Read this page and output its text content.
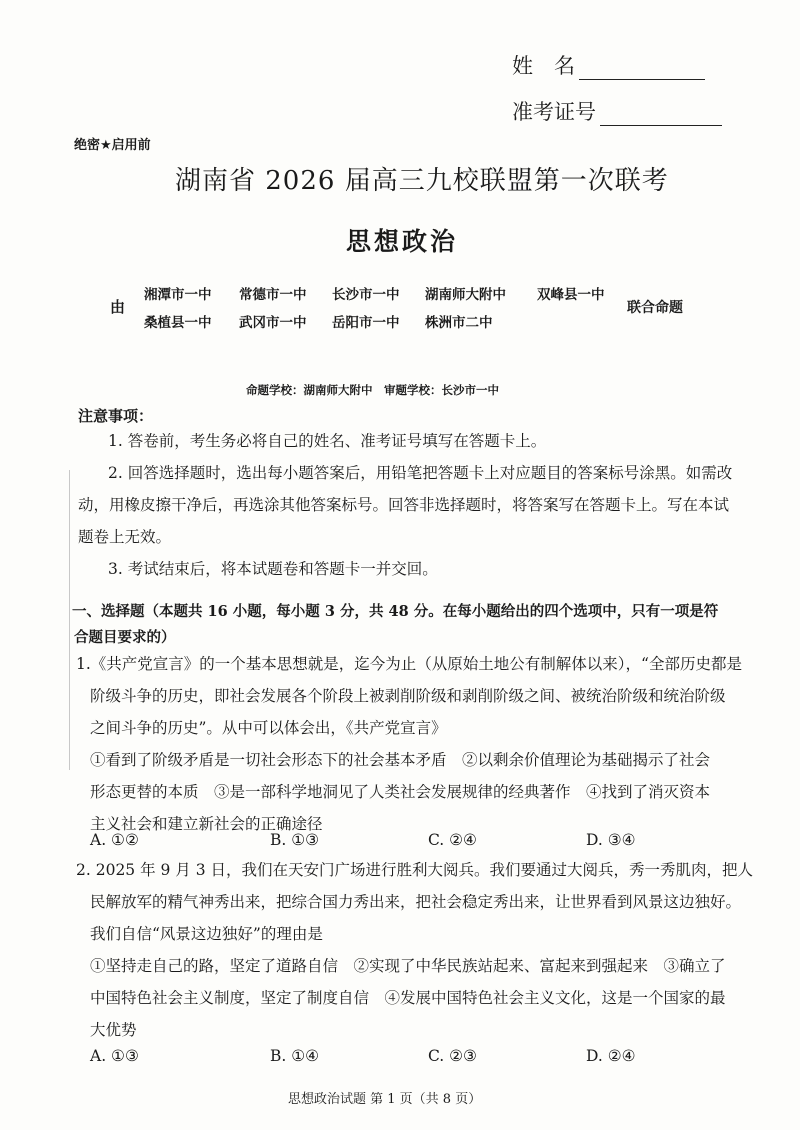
姓　名
准考证号
绝密★启用前
湖南省 2026 届高三九校联盟第一次联考
思想政治
由
湘潭市一中 常德市一中 长沙市一中 湖南师大附中 双峰县一中
桑植县一中 武冈市一中 岳阳市一中 株洲市二中
联合命题
命题学校：湖南师大附中　审题学校：长沙市一中
注意事项：
1. 答卷前，考生务必将自己的姓名、准考证号填写在答题卡上。
2. 回答选择题时，选出每小题答案后，用铅笔把答题卡上对应题目的答案标号涂黑。如需改
动，用橡皮擦干净后，再选涂其他答案标号。回答非选择题时，将答案写在答题卡上。写在本试
题卷上无效。
3. 考试结束后，将本试题卷和答题卡一并交回。
一、选择题（本题共 16 小题，每小题 3 分，共 48 分。在每小题给出的四个选项中，只有一项是符
合题目要求的）
1.《共产党宣言》的一个基本思想就是，迄今为止（从原始土地公有制解体以来），“全部历史都是
阶级斗争的历史，即社会发展各个阶段上被剥削阶级和剥削阶级之间、被统治阶级和统治阶级
之间斗争的历史”。从中可以体会出，《共产党宣言》
①看到了阶级矛盾是一切社会形态下的社会基本矛盾　②以剩余价值理论为基础揭示了社会
形态更替的本质　③是一部科学地洞见了人类社会发展规律的经典著作　④找到了消灭资本
主义社会和建立新社会的正确途径
A. ①②	B. ①③	C. ②④	D. ③④
2. 2025 年 9 月 3 日，我们在天安门广场进行胜利大阅兵。我们要通过大阅兵，秀一秀肌肉，把人
民解放军的精气神秀出来，把综合国力秀出来，把社会稳定秀出来，让世界看到风景这边独好。
我们自信“风景这边独好”的理由是
①坚持走自己的路，坚定了道路自信　②实现了中华民族站起来、富起来到强起来　③确立了
中国特色社会主义制度，坚定了制度自信　④发展中国特色社会主义文化，这是一个国家的最
大优势
A. ①③	B. ①④	C. ②③	D. ②④
思想政治试题 第 1 页（共 8 页）
